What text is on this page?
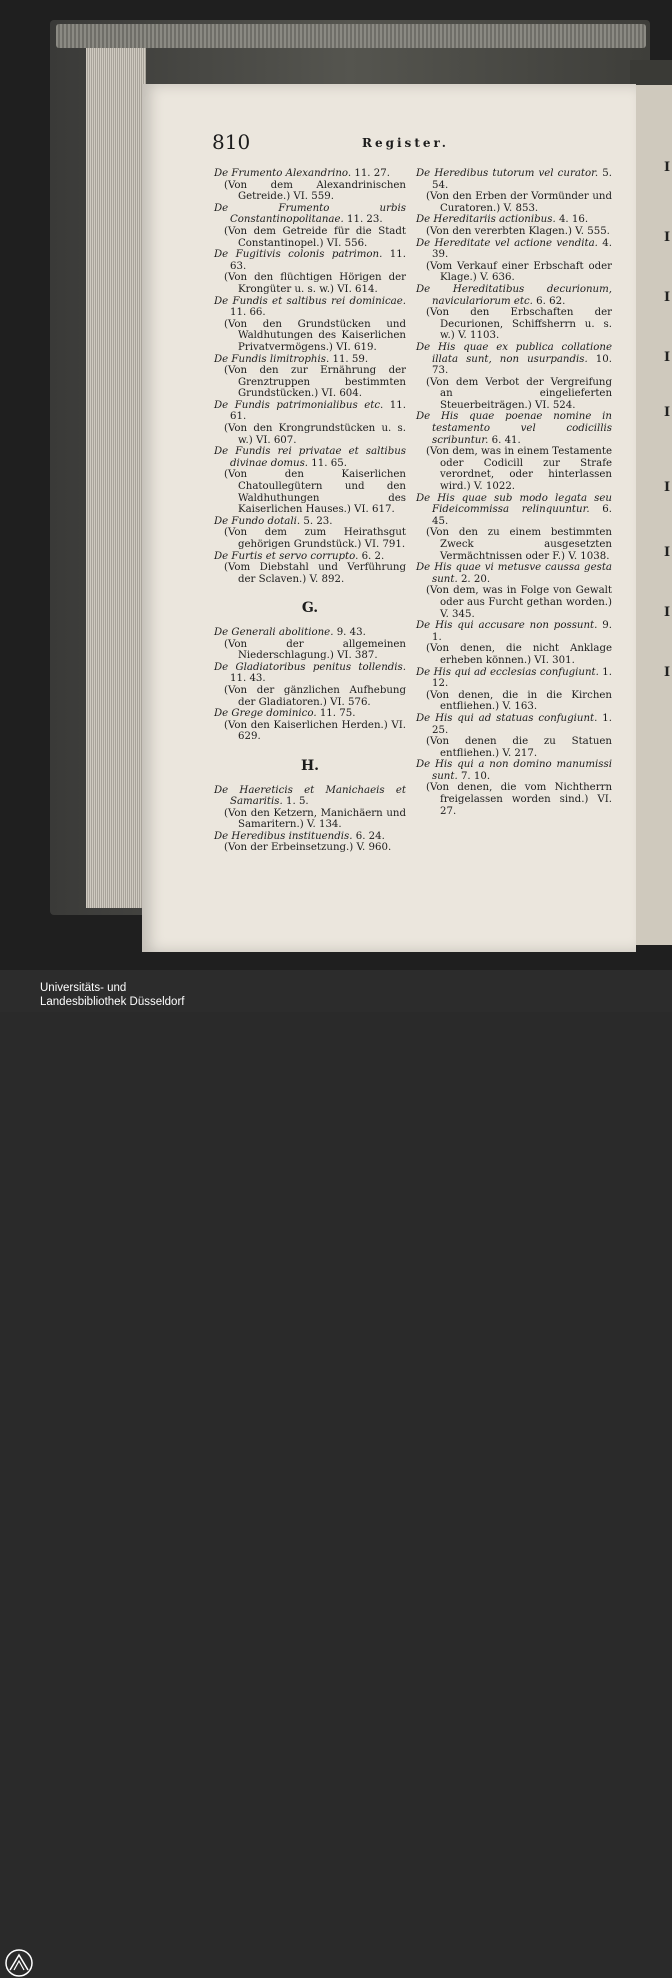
I
I
I
I
I
I
I
I
I
810	Register.

De Frumento Alexandrino. 11. 27.

(Von dem Alexandrinischen Getreide.) VI. 559.

De Frumento urbis Constantinopolitanae. 11. 23.

(Von dem Getreide für die Stadt Constantinopel.) VI. 556.

De Fugitivis colonis patrimon. 11. 63.

(Von den flüchtigen Hörigen der Krongüter u. s. w.) VI. 614.

De Fundis et saltibus rei dominicae. 11. 66.

(Von den Grundstücken und Waldhutungen des Kaiserlichen Privatvermögens.) VI. 619.

De Fundis limitrophis. 11. 59.

(Von den zur Ernährung der Grenztruppen bestimmten Grundstücken.) VI. 604.

De Fundis patrimonialibus etc. 11. 61.

(Von den Krongrundstücken u. s. w.) VI. 607.

De Fundis rei privatae et saltibus divinae domus. 11. 65.

(Von den Kaiserlichen Chatoullegütern und den Waldhuthungen des Kaiserlichen Hauses.) VI. 617.

De Fundo dotali. 5. 23.

(Von dem zum Heirathsgut gehörigen Grundstück.) VI. 791.

De Furtis et servo corrupto. 6. 2.

(Vom Diebstahl und Verführung der Sclaven.) V. 892.

G.

De Generali abolitione. 9. 43.

(Von der allgemeinen Niederschlagung.) VI. 387.

De Gladiatoribus penitus tollendis. 11. 43.

(Von der gänzlichen Aufhebung der Gladiatoren.) VI. 576.

De Grege dominico. 11. 75.

(Von den Kaiserlichen Herden.) VI. 629.

H.

De Haereticis et Manichaeis et Samaritis. 1. 5.

(Von den Ketzern, Manichäern und Samaritern.) V. 134.

De Heredibus instituendis. 6. 24.

(Von der Erbeinsetzung.) V. 960.

De Heredibus tutorum vel curator. 5. 54.

(Von den Erben der Vormünder und Curatoren.) V. 853.

De Hereditariis actionibus. 4. 16.

(Von den vererbten Klagen.) V. 555.

De Hereditate vel actione vendita. 4. 39.

(Vom Verkauf einer Erbschaft oder Klage.) V. 636.

De Hereditatibus decurionum, naviculariorum etc. 6. 62.

(Von den Erbschaften der Decurionen, Schiffsherrn u. s. w.) V. 1103.

De His quae ex publica collatione illata sunt, non usurpandis. 10. 73.

(Von dem Verbot der Vergreifung an eingelieferten Steuerbeiträgen.) VI. 524.

De His quae poenae nomine in testamento vel codicillis scribuntur. 6. 41.

(Von dem, was in einem Testamente oder Codicill zur Strafe verordnet, oder hinterlassen wird.) V. 1022.

De His quae sub modo legata seu Fideicommissa relinquuntur. 6. 45.

(Von den zu einem bestimmten Zweck ausgesetzten Vermächtnissen oder F.) V. 1038.

De His quae vi metusve caussa gesta sunt. 2. 20.

(Von dem, was in Folge von Gewalt oder aus Furcht gethan worden.) V. 345.

De His qui accusare non possunt. 9. 1.

(Von denen, die nicht Anklage erheben können.) VI. 301.

De His qui ad ecclesias confugiunt. 1. 12.

(Von denen, die in die Kirchen entfliehen.) V. 163.

De His qui ad statuas confugiunt. 1. 25.

(Von denen die zu Statuen entfliehen.) V. 217.

De His qui a non domino manumissi sunt. 7. 10.

(Von denen, die vom Nichtherrn freigelassen worden sind.) VI. 27.

Universitäts- und
Landesbibliothek Düsseldorf
